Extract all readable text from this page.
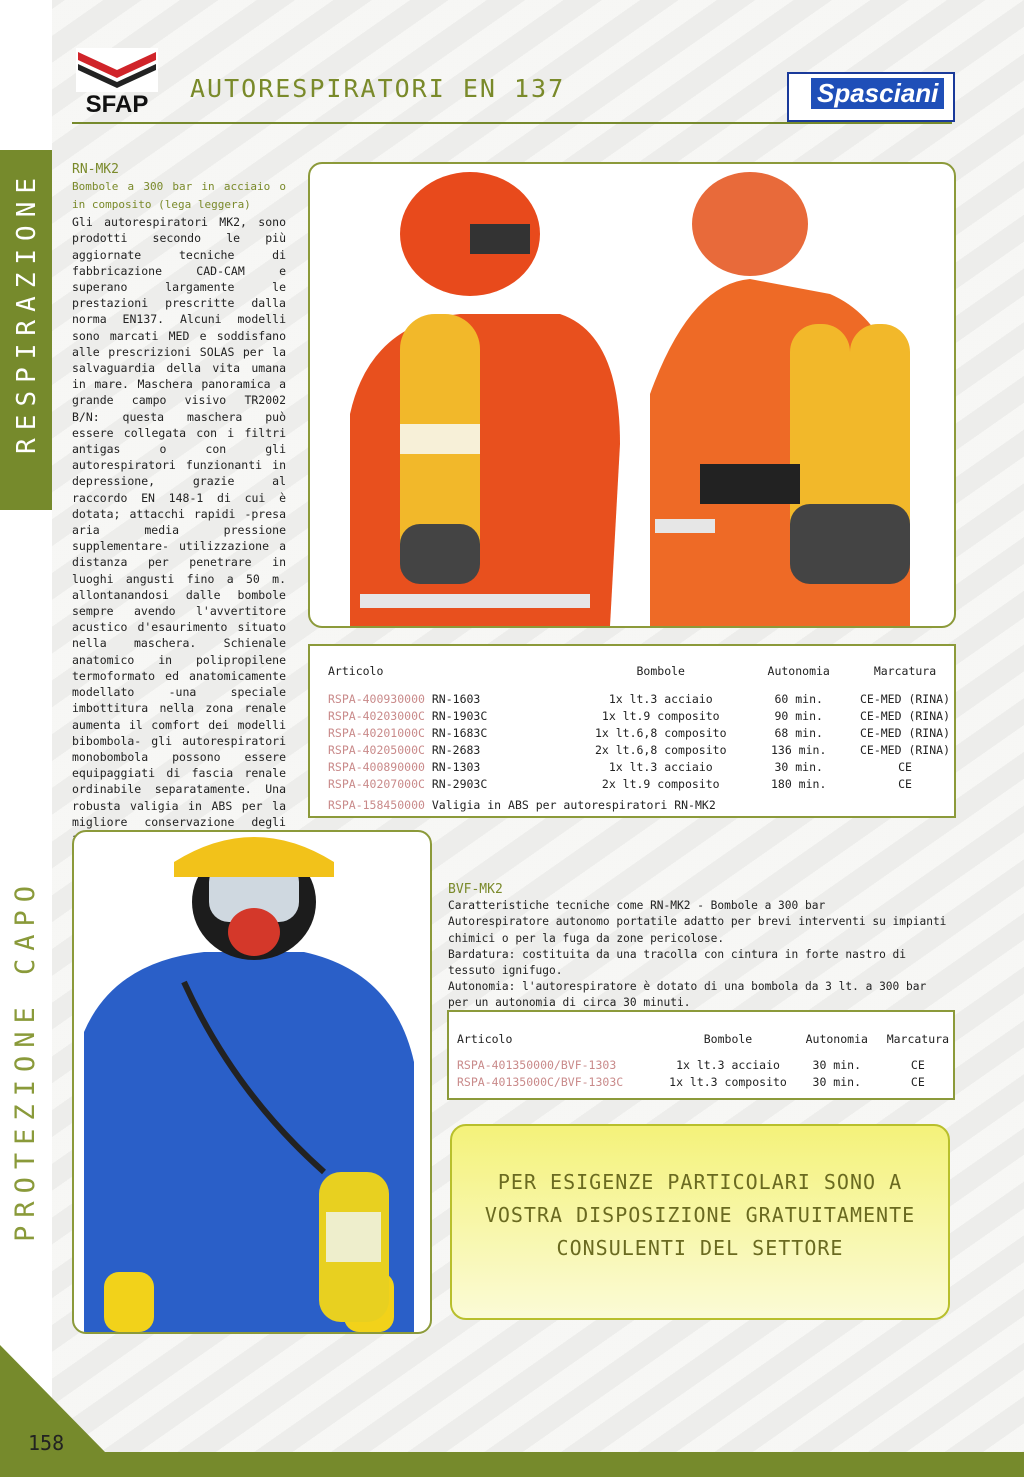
RESPIRAZIONE
PROTEZIONE CAPO
SFAP
AUTORESPIRATORI EN 137	Spasciani
RN-MK2
Bombole a 300 bar in acciaio o in composito (lega leggera)
Gli autorespiratori MK2, sono prodotti secondo le più aggiornate tecniche di fabbricazione CAD-CAM e superano largamente le prestazioni prescritte dalla norma EN137. Alcuni modelli sono marcati MED e soddisfano alle prescrizioni SOLAS per la salvaguardia della vita umana in mare. Maschera panoramica a grande campo visivo TR2002 B/N: questa maschera può essere collegata con i filtri antigas o con gli autorespiratori funzionanti in depressione, grazie al raccordo EN 148-1 di cui è dotata; attacchi rapidi -presa aria media pressione supplementare- utilizzazione a distanza per penetrare in luoghi angusti fino a 50 m. allontanandosi dalle bombole sempre avendo l'avvertitore acustico d'esaurimento situato nella maschera. Schienale anatomico in polipropilene termoformato ed anatomicamente modellato -una speciale imbottitura nella zona renale aumenta il comfort dei modelli bibombola- gli autorespiratori monobombola possono essere equipaggiati di fascia renale ordinabile separatamente. Una robusta valigia in ABS per la migliore conservazione degli
Articolo	Bombole	Autonomia	Marcatura

RSPA-400930000 RN-1603	1x lt.3 acciaio	60 min.	CE-MED (RINA)
RSPA-40203000C RN-1903C	1x lt.9 composito	90 min.	CE-MED (RINA)
RSPA-40201000C RN-1683C	1x lt.6,8 composito	68 min.	CE-MED (RINA)
RSPA-40205000C RN-2683	2x lt.6,8 composito	136 min.	CE-MED (RINA)
RSPA-400890000 RN-1303	1x lt.3 acciaio	30 min.	CE
RSPA-40207000C RN-2903C	2x lt.9 composito	180 min.	CE
RSPA-158450000 Valigia in ABS per autorespiratori RN-MK2			
BVF-MK2
Caratteristiche tecniche come RN-MK2 - Bombole a 300 bar
Autorespiratore autonomo portatile adatto per brevi interventi su impianti chimici o per la fuga da zone pericolose.
Bardatura: costituita da una tracolla con cintura in forte nastro di tessuto ignifugo.
Autonomia: l'autorespiratore è dotato di una bombola da 3 lt. a 300 bar per un autonomia di circa 30 minuti.
Articolo	Bombole	Autonomia	Marcatura

RSPA-401350000/BVF-1303	1x lt.3 acciaio	30 min.	CE
RSPA-40135000C/BVF-1303C	1x lt.3 composito	30 min.	CE
PER ESIGENZE PARTICOLARI SONO A VOSTRA DISPOSIZIONE GRATUITAMENTE CONSULENTI DEL SETTORE
158
